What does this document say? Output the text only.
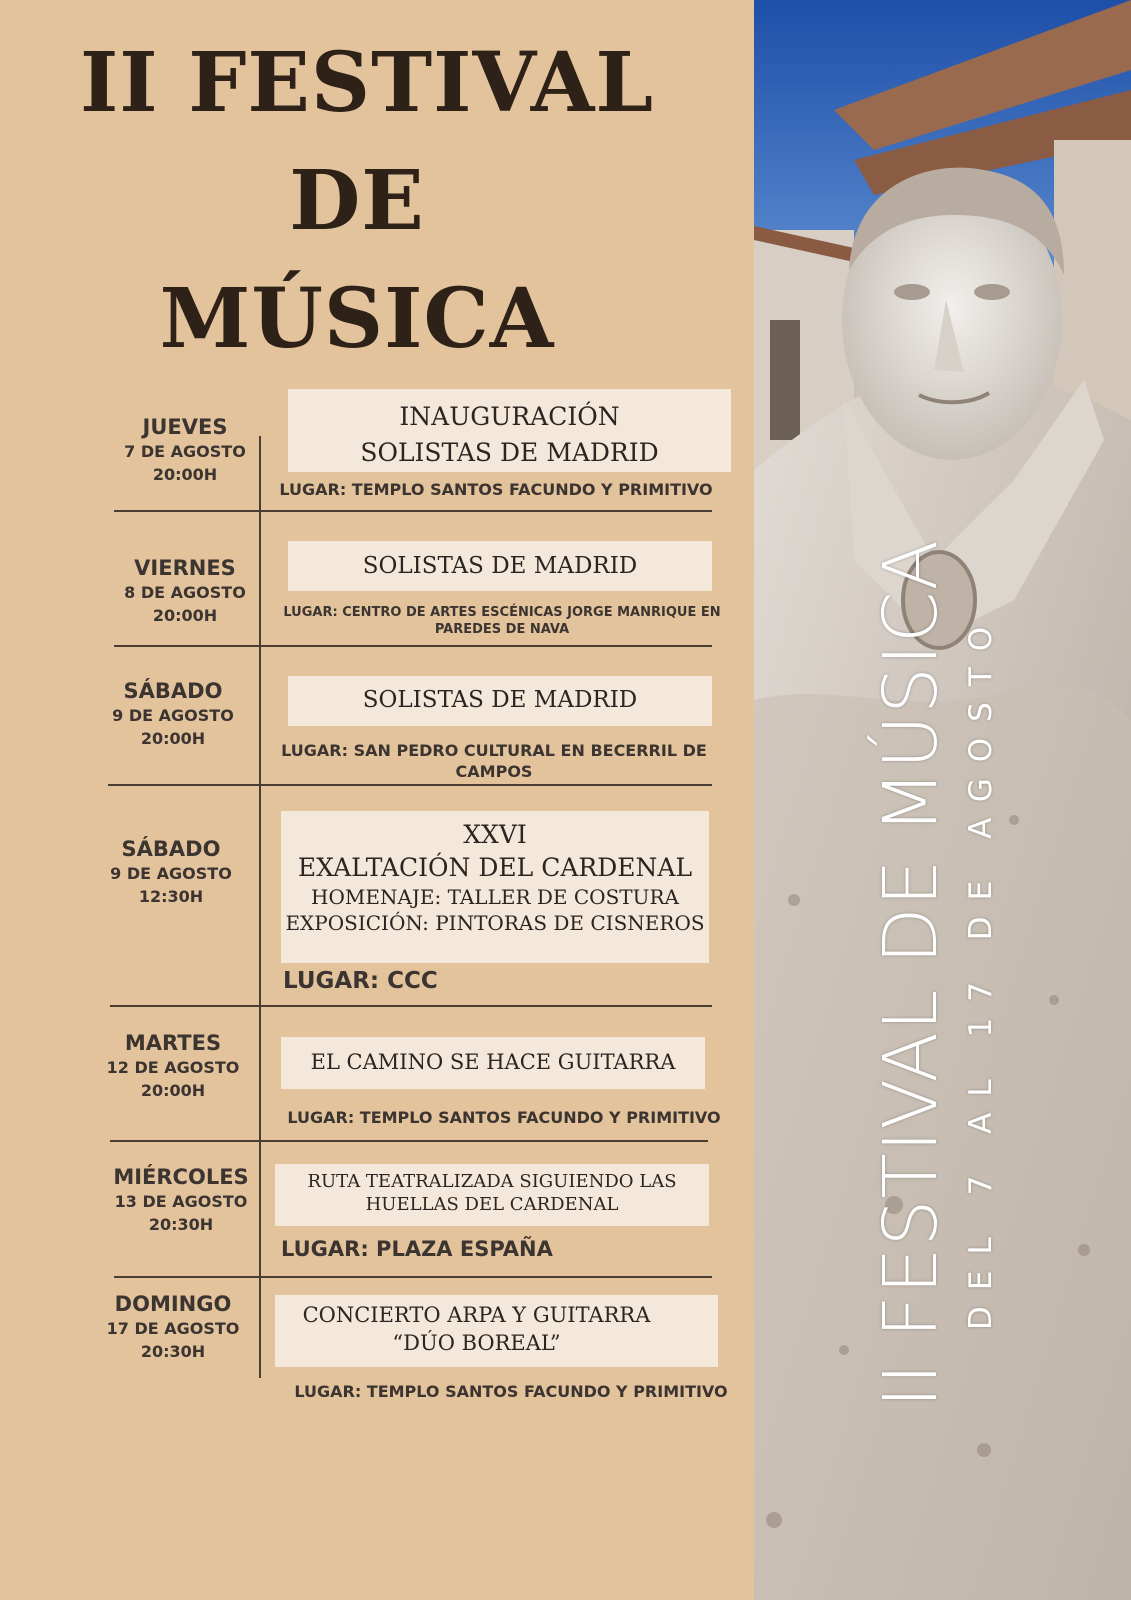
II FESTIVAL
DE
MÚSICA
JUEVES
7 DE AGOSTO
20:00H
INAUGURACIÓN
SOLISTAS DE MADRID
LUGAR: TEMPLO SANTOS FACUNDO Y PRIMITIVO
VIERNES
8 DE AGOSTO
20:00H
SOLISTAS DE MADRID
LUGAR: CENTRO DE ARTES ESCÉNICAS JORGE MANRIQUE EN PAREDES DE NAVA
SÁBADO
9 DE AGOSTO
20:00H
SOLISTAS DE MADRID
LUGAR: SAN PEDRO CULTURAL EN BECERRIL DE CAMPOS
SÁBADO
9 DE AGOSTO
12:30H
XXVI
EXALTACIÓN DEL CARDENAL
HOMENAJE: TALLER DE COSTURA
EXPOSICIÓN: PINTORAS DE CISNEROS
LUGAR: CCC
MARTES
12 DE AGOSTO
20:00H
EL CAMINO SE HACE GUITARRA
LUGAR: TEMPLO SANTOS FACUNDO Y PRIMITIVO
MIÉRCOLES
13 DE AGOSTO
20:30H
RUTA TEATRALIZADA SIGUIENDO LAS
HUELLAS DEL CARDENAL
LUGAR: PLAZA ESPAÑA
DOMINGO
17 DE AGOSTO
20:30H
CONCIERTO ARPA Y GUITARRA
“DÚO BOREAL”
LUGAR: TEMPLO SANTOS FACUNDO Y PRIMITIVO II FESTIVAL DE MÚSICA DEL 7 AL 17 DE AGOSTO
